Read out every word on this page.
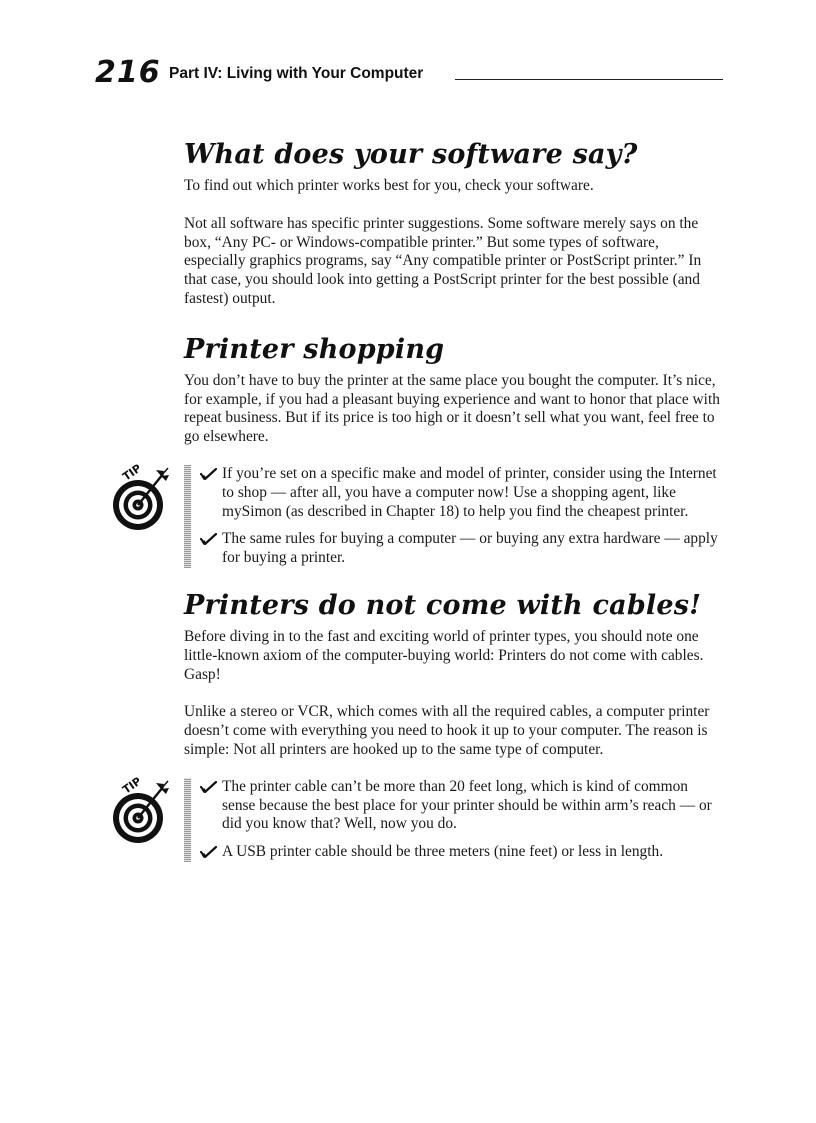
216 Part IV: Living with Your Computer
What does your software say?

To find out which printer works best for you, check your software.

Not all software has specific printer suggestions. Some software merely says on the box, “Any PC- or Windows-compatible printer.” But some types of software, especially graphics programs, say “Any compatible printer or PostScript printer.” In that case, you should look into getting a PostScript printer for the best possible (and fastest) output.

Printer shopping

You don’t have to buy the printer at the same place you bought the computer. It’s nice, for example, if you had a pleasant buying experience and want to honor that place with repeat business. But if its price is too high or it doesn’t sell what you want, feel free to go elsewhere.

TIP	If you’re set on a specific make and model of printer, consider using the Internet to shop — after all, you have a computer now! Use a shopping agent, like mySimon (as described in Chapter 18) to help you find the cheapest printer.
The same rules for buying a computer — or buying any extra hardware — apply for buying a printer.
Printers do not come with cables!

Before diving in to the fast and exciting world of printer types, you should note one little-known axiom of the computer-buying world: Printers do not come with cables. Gasp!

Unlike a stereo or VCR, which comes with all the required cables, a computer printer doesn’t come with everything you need to hook it up to your computer. The reason is simple: Not all printers are hooked up to the same type of computer.

TIP	The printer cable can’t be more than 20 feet long, which is kind of common sense because the best place for your printer should be within arm’s reach — or did you know that? Well, now you do.
A USB printer cable should be three meters (nine feet) or less in length.
